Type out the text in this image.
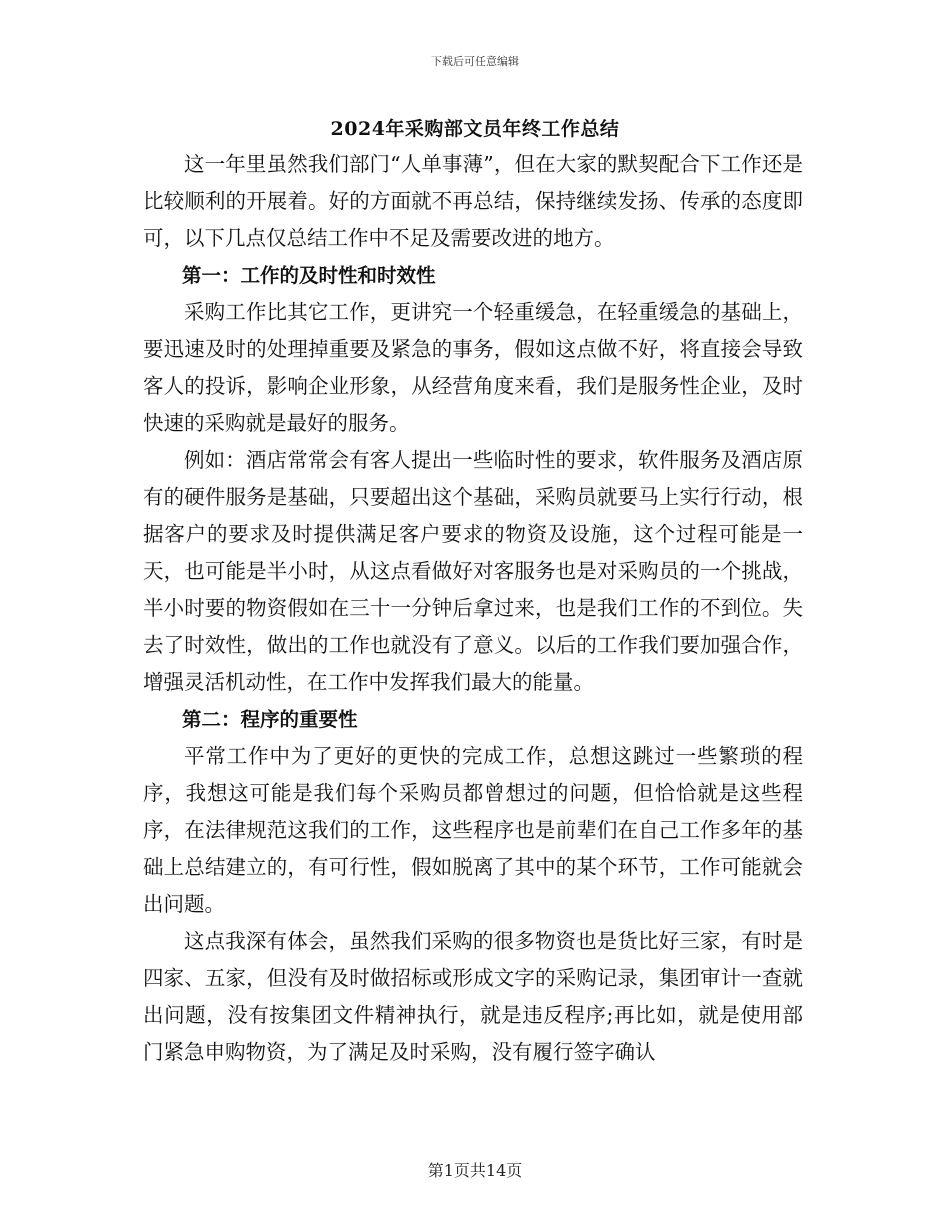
下载后可任意编辑
2024年采购部文员年终工作总结

这一年里虽然我们部门“人单事薄”，但在大家的默契配合下工作还是比较顺利的开展着。好的方面就不再总结，保持继续发扬、传承的态度即可，以下几点仅总结工作中不足及需要改进的地方。

第一：工作的及时性和时效性

采购工作比其它工作，更讲究一个轻重缓急，在轻重缓急的基础上，要迅速及时的处理掉重要及紧急的事务，假如这点做不好，将直接会导致客人的投诉，影响企业形象，从经营角度来看，我们是服务性企业，及时快速的采购就是最好的服务。

例如：酒店常常会有客人提出一些临时性的要求，软件服务及酒店原有的硬件服务是基础，只要超出这个基础，采购员就要马上实行行动，根据客户的要求及时提供满足客户要求的物资及设施，这个过程可能是一天，也可能是半小时，从这点看做好对客服务也是对采购员的一个挑战，半小时要的物资假如在三十一分钟后拿过来，也是我们工作的不到位。失去了时效性，做出的工作也就没有了意义。以后的工作我们要加强合作，增强灵活机动性，在工作中发挥我们最大的能量。

第二：程序的重要性

平常工作中为了更好的更快的完成工作，总想这跳过一些繁琐的程序，我想这可能是我们每个采购员都曾想过的问题，但恰恰就是这些程序，在法律规范这我们的工作，这些程序也是前辈们在自己工作多年的基础上总结建立的，有可行性，假如脱离了其中的某个环节，工作可能就会出问题。

这点我深有体会，虽然我们采购的很多物资也是货比好三家，有时是四家、五家，但没有及时做招标或形成文字的采购记录，集团审计一查就出问题，没有按集团文件精神执行，就是违反程序;再比如，就是使用部门紧急申购物资，为了满足及时采购，没有履行签字确认

第1页共14页
